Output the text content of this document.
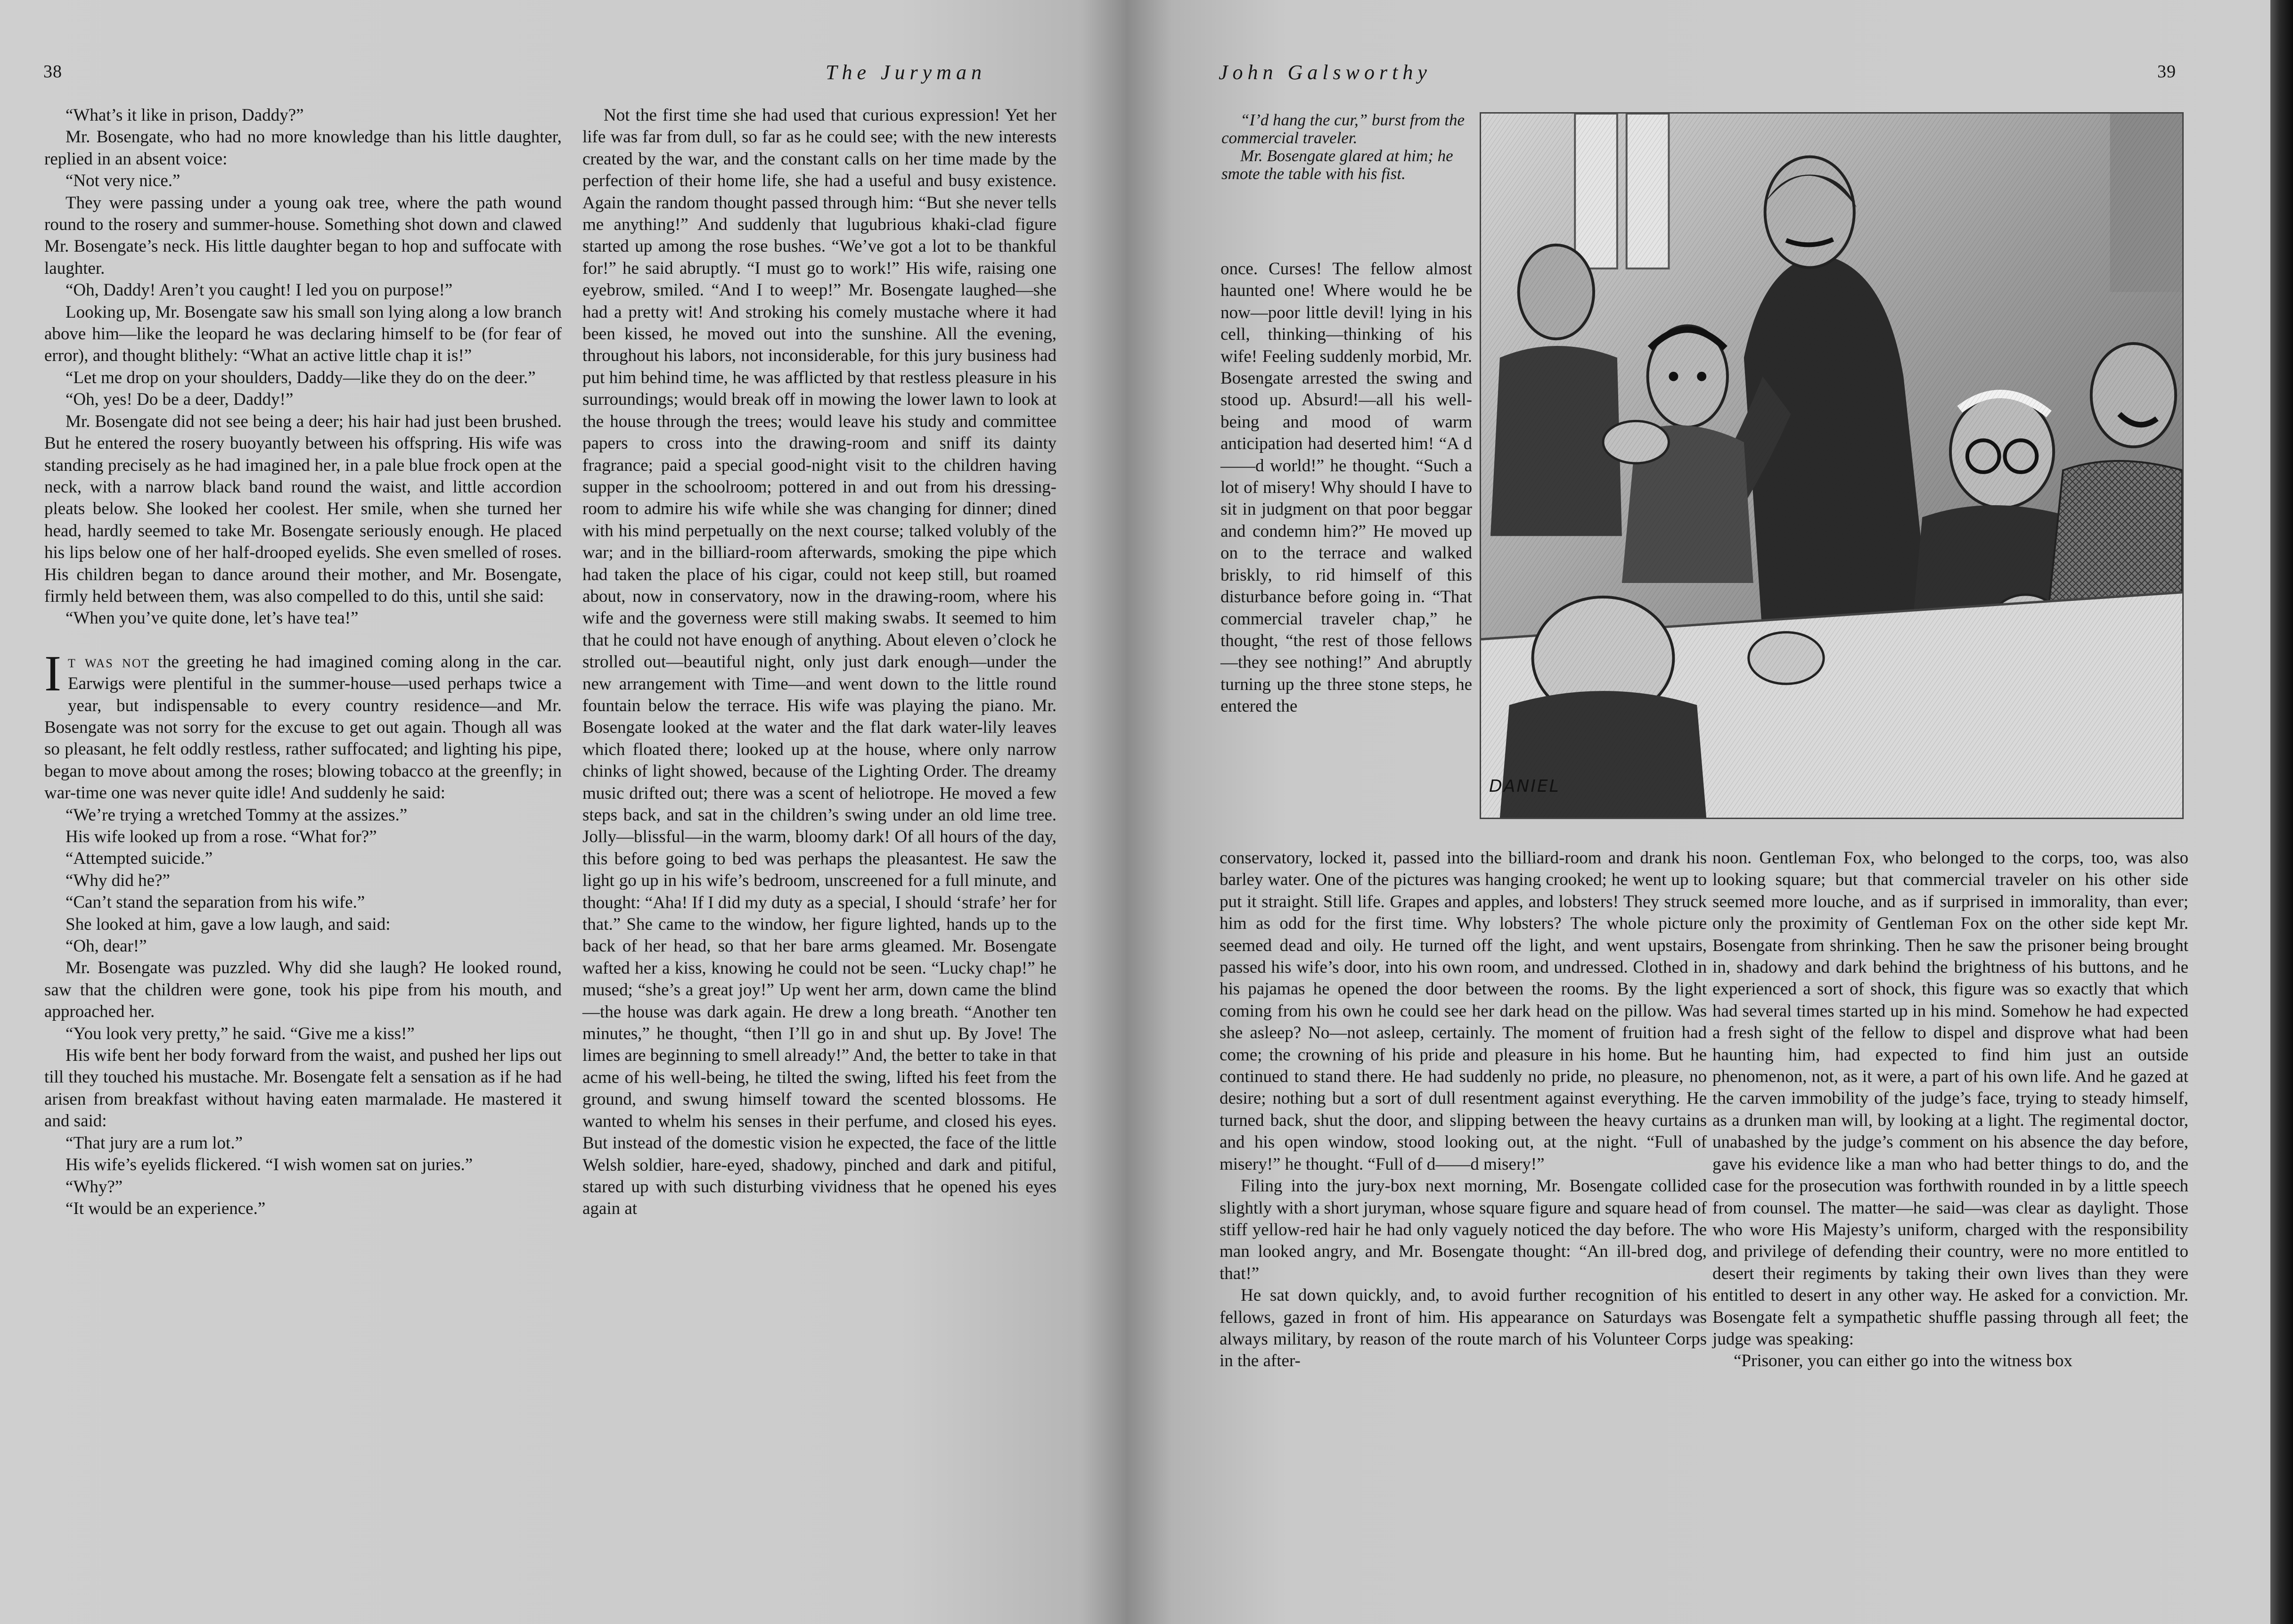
38	The Juryman

“What’s it like in prison, Daddy?”

Mr. Bosengate, who had no more knowledge than his little daughter, replied in an absent voice:

“Not very nice.”

They were passing under a young oak tree, where the path wound round to the rosery and summer-house. Something shot down and clawed Mr. Bosengate’s neck. His little daughter began to hop and suffocate with laughter.

“Oh, Daddy! Aren’t you caught! I led you on purpose!”

Looking up, Mr. Bosengate saw his small son lying along a low branch above him—like the leopard he was declaring himself to be (for fear of error), and thought blithely: “What an active little chap it is!”

“Let me drop on your shoulders, Daddy—like they do on the deer.”

“Oh, yes! Do be a deer, Daddy!”

Mr. Bosengate did not see being a deer; his hair had just been brushed. But he entered the rosery buoyantly between his offspring. His wife was standing precisely as he had imagined her, in a pale blue frock open at the neck, with a narrow black band round the waist, and little accordion pleats below. She looked her coolest. Her smile, when she turned her head, hardly seemed to take Mr. Bosengate seriously enough. He placed his lips below one of her half-drooped eyelids. She even smelled of roses. His children began to dance around their mother, and Mr. Bosengate, firmly held between them, was also compelled to do this, until she said:

“When you’ve quite done, let’s have tea!”

It was not the greeting he had imagined coming along in the car. Earwigs were plentiful in the summer-house—used perhaps twice a year, but indispensable to every country residence—and Mr. Bosengate was not sorry for the excuse to get out again. Though all was so pleasant, he felt oddly restless, rather suffocated; and lighting his pipe, began to move about among the roses; blowing tobacco at the greenfly; in war-time one was never quite idle! And suddenly he said:

“We’re trying a wretched Tommy at the assizes.”

His wife looked up from a rose. “What for?”

“Attempted suicide.”

“Why did he?”

“Can’t stand the separation from his wife.”

She looked at him, gave a low laugh, and said:

“Oh, dear!”

Mr. Bosengate was puzzled. Why did she laugh? He looked round, saw that the children were gone, took his pipe from his mouth, and approached her.

“You look very pretty,” he said. “Give me a kiss!”

His wife bent her body forward from the waist, and pushed her lips out till they touched his mustache. Mr. Bosengate felt a sensation as if he had arisen from breakfast without having eaten marmalade. He mastered it and said:

“That jury are a rum lot.”

His wife’s eyelids flickered. “I wish women sat on juries.”

“Why?”

“It would be an experience.”

Not the first time she had used that curious expression! Yet her life was far from dull, so far as he could see; with the new interests created by the war, and the constant calls on her time made by the perfection of their home life, she had a useful and busy existence. Again the random thought passed through him: “But she never tells me anything!” And suddenly that lugubrious khaki-clad figure started up among the rose bushes. “We’ve got a lot to be thankful for!” he said abruptly. “I must go to work!” His wife, raising one eyebrow, smiled. “And I to weep!” Mr. Bosengate laughed—she had a pretty wit! And stroking his comely mustache where it had been kissed, he moved out into the sunshine. All the evening, throughout his labors, not inconsiderable, for this jury business had put him behind time, he was afflicted by that restless pleasure in his surroundings; would break off in mowing the lower lawn to look at the house through the trees; would leave his study and committee papers to cross into the drawing-room and sniff its dainty fragrance; paid a special good-night visit to the children having supper in the schoolroom; pottered in and out from his dressing-room to admire his wife while she was changing for dinner; dined with his mind perpetually on the next course; talked volubly of the war; and in the billiard-room afterwards, smoking the pipe which had taken the place of his cigar, could not keep still, but roamed about, now in conservatory, now in the drawing-room, where his wife and the governess were still making swabs. It seemed to him that he could not have enough of anything. About eleven o’clock he strolled out—beautiful night, only just dark enough—under the new arrangement with Time—and went down to the little round fountain below the terrace. His wife was playing the piano. Mr. Bosengate looked at the water and the flat dark water-lily leaves which floated there; looked up at the house, where only narrow chinks of light showed, because of the Lighting Order. The dreamy music drifted out; there was a scent of heliotrope. He moved a few steps back, and sat in the children’s swing under an old lime tree. Jolly—blissful—in the warm, bloomy dark! Of all hours of the day, this before going to bed was perhaps the pleasantest. He saw the light go up in his wife’s bedroom, unscreened for a full minute, and thought: “Aha! If I did my duty as a special, I should ‘strafe’ her for that.” She came to the window, her figure lighted, hands up to the back of her head, so that her bare arms gleamed. Mr. Bosengate wafted her a kiss, knowing he could not be seen. “Lucky chap!” he mused; “she’s a great joy!” Up went her arm, down came the blind—the house was dark again. He drew a long breath. “Another ten minutes,” he thought, “then I’ll go in and shut up. By Jove! The limes are beginning to smell already!” And, the better to take in that acme of his well-being, he tilted the swing, lifted his feet from the ground, and swung himself toward the scented blossoms. He wanted to whelm his senses in their perfume, and closed his eyes. But instead of the domestic vision he expected, the face of the little Welsh soldier, hare-eyed, shadowy, pinched and dark and pitiful, stared up with such disturbing vividness that he opened his eyes again at

John Galsworthy	39

“I’d hang the cur,” burst from the commercial traveler.

Mr. Bosengate glared at him; he smote the table with his fist.

once. Curses! The fellow almost haunted one! Where would he be now—poor little devil! lying in his cell, thinking—thinking of his wife! Feeling suddenly morbid, Mr. Bosengate arrested the swing and stood up. Absurd!—all his well-being and mood of warm anticipation had deserted him! “A d——d world!” he thought. “Such a lot of misery! Why should I have to sit in judgment on that poor beggar and condemn him?” He moved up on to the terrace and walked briskly, to rid himself of this disturbance before going in. “That commercial traveler chap,” he thought, “the rest of those fellows—they see nothing!” And abruptly turning up the three stone steps, he entered the

conservatory, locked it, passed into the billiard-room and drank his barley water. One of the pictures was hanging crooked; he went up to put it straight. Still life. Grapes and apples, and lobsters! They struck him as odd for the first time. Why lobsters? The whole picture seemed dead and oily. He turned off the light, and went upstairs, passed his wife’s door, into his own room, and undressed. Clothed in his pajamas he opened the door between the rooms. By the light coming from his own he could see her dark head on the pillow. Was she asleep? No—not asleep, certainly. The moment of fruition had come; the crowning of his pride and pleasure in his home. But he continued to stand there. He had suddenly no pride, no pleasure, no desire; nothing but a sort of dull resentment against everything. He turned back, shut the door, and slipping between the heavy curtains and his open window, stood looking out, at the night. “Full of misery!” he thought. “Full of d——d misery!”

Filing into the jury-box next morning, Mr. Bosengate collided slightly with a short juryman, whose square figure and square head of stiff yellow-red hair he had only vaguely noticed the day before. The man looked angry, and Mr. Bosengate thought: “An ill-bred dog, that!”

He sat down quickly, and, to avoid further recognition of his fellows, gazed in front of him. His appearance on Saturdays was always military, by reason of the route march of his Volunteer Corps in the after-

noon. Gentleman Fox, who belonged to the corps, too, was also looking square; but that commercial traveler on his other side seemed more louche, and as if surprised in immorality, than ever; only the proximity of Gentleman Fox on the other side kept Mr. Bosengate from shrinking. Then he saw the prisoner being brought in, shadowy and dark behind the brightness of his buttons, and he experienced a sort of shock, this figure was so exactly that which had several times started up in his mind. Somehow he had expected a fresh sight of the fellow to dispel and disprove what had been haunting him, had expected to find him just an outside phenomenon, not, as it were, a part of his own life. And he gazed at the carven immobility of the judge’s face, trying to steady himself, as a drunken man will, by looking at a light. The regimental doctor, unabashed by the judge’s comment on his absence the day before, gave his evidence like a man who had better things to do, and the case for the prosecution was forthwith rounded in by a little speech from counsel. The matter—he said—was clear as daylight. Those who wore His Majesty’s uniform, charged with the responsibility and privilege of defending their country, were no more entitled to desert their regiments by taking their own lives than they were entitled to desert in any other way. He asked for a conviction. Mr. Bosengate felt a sympathetic shuffle passing through all feet; the judge was speaking:

“Prisoner, you can either go into the witness box

DANIEL
